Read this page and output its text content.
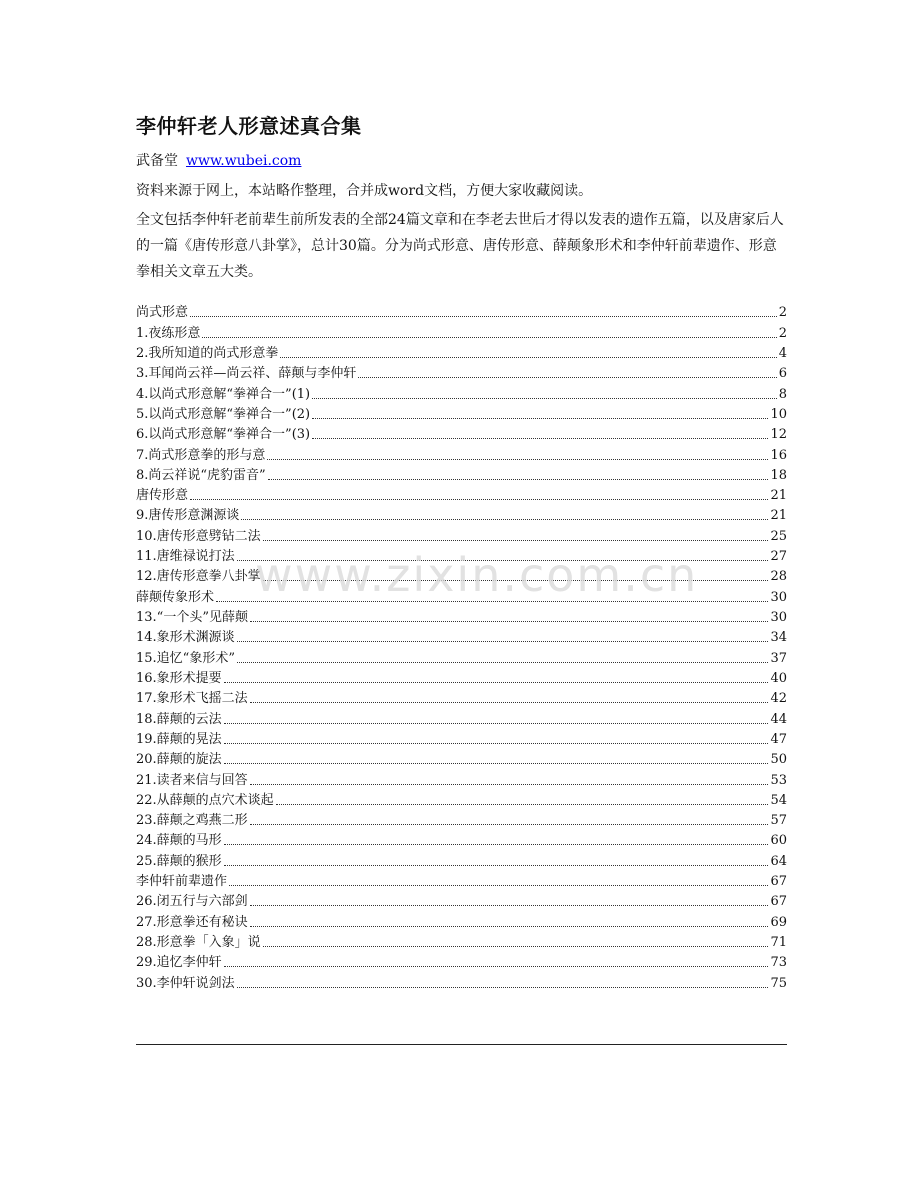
李仲轩老人形意述真合集
武备堂 www.wubei.com
资料来源于网上，本站略作整理，合并成word文档，方便大家收藏阅读。
全文包括李仲轩老前辈生前所发表的全部24篇文章和在李老去世后才得以发表的遗作五篇，以及唐家后人的一篇《唐传形意八卦掌》，总计30篇。分为尚式形意、唐传形意、薛颠象形术和李仲轩前辈遗作、形意拳相关文章五大类。
尚式形意	2
1.夜练形意	2
2.我所知道的尚式形意拳	4
3.耳闻尚云祥—尚云祥、薛颠与李仲轩	6
4.以尚式形意解“拳禅合一”(1)	8
5.以尚式形意解“拳禅合一”(2)	10
6.以尚式形意解“拳禅合一”(3)	12
7.尚式形意拳的形与意	16
8.尚云祥说“虎豹雷音”	18
唐传形意	21
9.唐传形意渊源谈	21
10.唐传形意劈钻二法	25
11.唐维禄说打法	27
12.唐传形意拳八卦掌	28
薛颠传象形术	30
13.“一个头”见薛颠	30
14.象形术渊源谈	34
15.追忆“象形术”	37
16.象形术提要	40
17.象形术飞摇二法	42
18.薛颠的云法	44
19.薛颠的晃法	47
20.薛颠的旋法	50
21.读者来信与回答	53
22.从薛颠的点穴术谈起	54
23.薛颠之鸡燕二形	57
24.薛颠的马形	60
25.薛颠的猴形	64
李仲轩前辈遗作	67
26.闭五行与六部剑	67
27.形意拳还有秘诀	69
28.形意拳「入象」说	71
29.追忆李仲轩	73
30.李仲轩说剑法	75
www.zixin.com.cn
